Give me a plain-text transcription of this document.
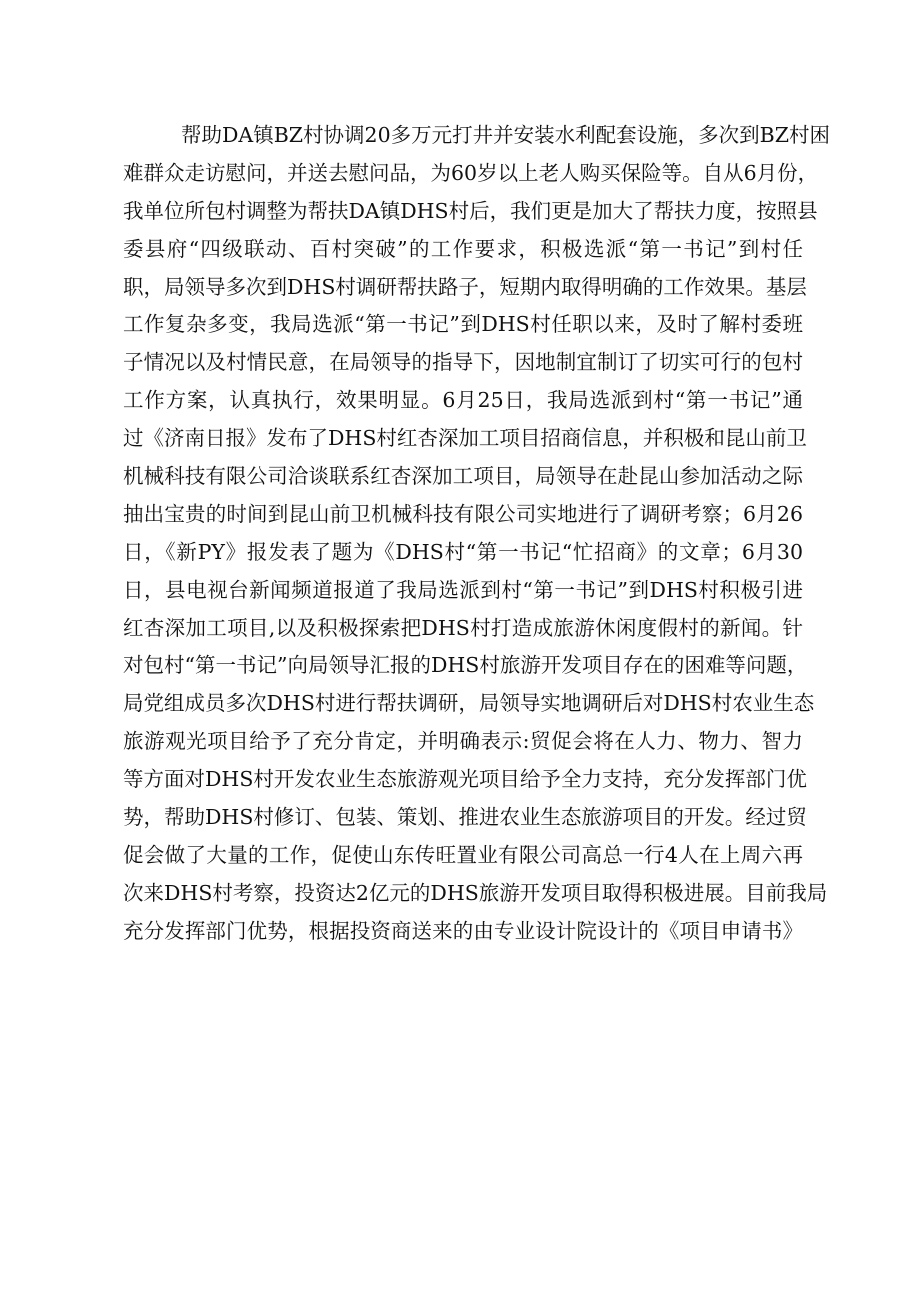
帮助DA镇BZ村协调20多万元打井并安装水利配套设施，多次到BZ村困
难群众走访慰问，并送去慰问品，为60岁以上老人购买保险等。自从6月份，
我单位所包村调整为帮扶DA镇DHS村后，我们更是加大了帮扶力度，按照县
委县府“四级联动、百村突破”的工作要求，积极选派“第一书记”到村任
职，局领导多次到DHS村调研帮扶路子，短期内取得明确的工作效果。基层
工作复杂多变，我局选派“第一书记”到DHS村任职以来，及时了解村委班
子情况以及村情民意，在局领导的指导下，因地制宜制订了切实可行的包村
工作方案，认真执行，效果明显。6月25日，我局选派到村“第一书记”通
过《济南日报》发布了DHS村红杏深加工项目招商信息，并积极和昆山前卫
机械科技有限公司洽谈联系红杏深加工项目，局领导在赴昆山参加活动之际
抽出宝贵的时间到昆山前卫机械科技有限公司实地进行了调研考察；6月26
日，《新PY》报发表了题为《DHS村“第一书记“忙招商》的文章；6月30
日，县电视台新闻频道报道了我局选派到村“第一书记”到DHS村积极引进
红杏深加工项目,以及积极探索把DHS村打造成旅游休闲度假村的新闻。针
对包村“第一书记”向局领导汇报的DHS村旅游开发项目存在的困难等问题，
局党组成员多次DHS村进行帮扶调研，局领导实地调研后对DHS村农业生态
旅游观光项目给予了充分肯定，并明确表示:贸促会将在人力、物力、智力
等方面对DHS村开发农业生态旅游观光项目给予全力支持，充分发挥部门优
势，帮助DHS村修订、包装、策划、推进农业生态旅游项目的开发。经过贸
促会做了大量的工作，促使山东传旺置业有限公司高总一行4人在上周六再
次来DHS村考察，投资达2亿元的DHS旅游开发项目取得积极进展。目前我局
充分发挥部门优势，根据投资商送来的由专业设计院设计的《项目申请书》
